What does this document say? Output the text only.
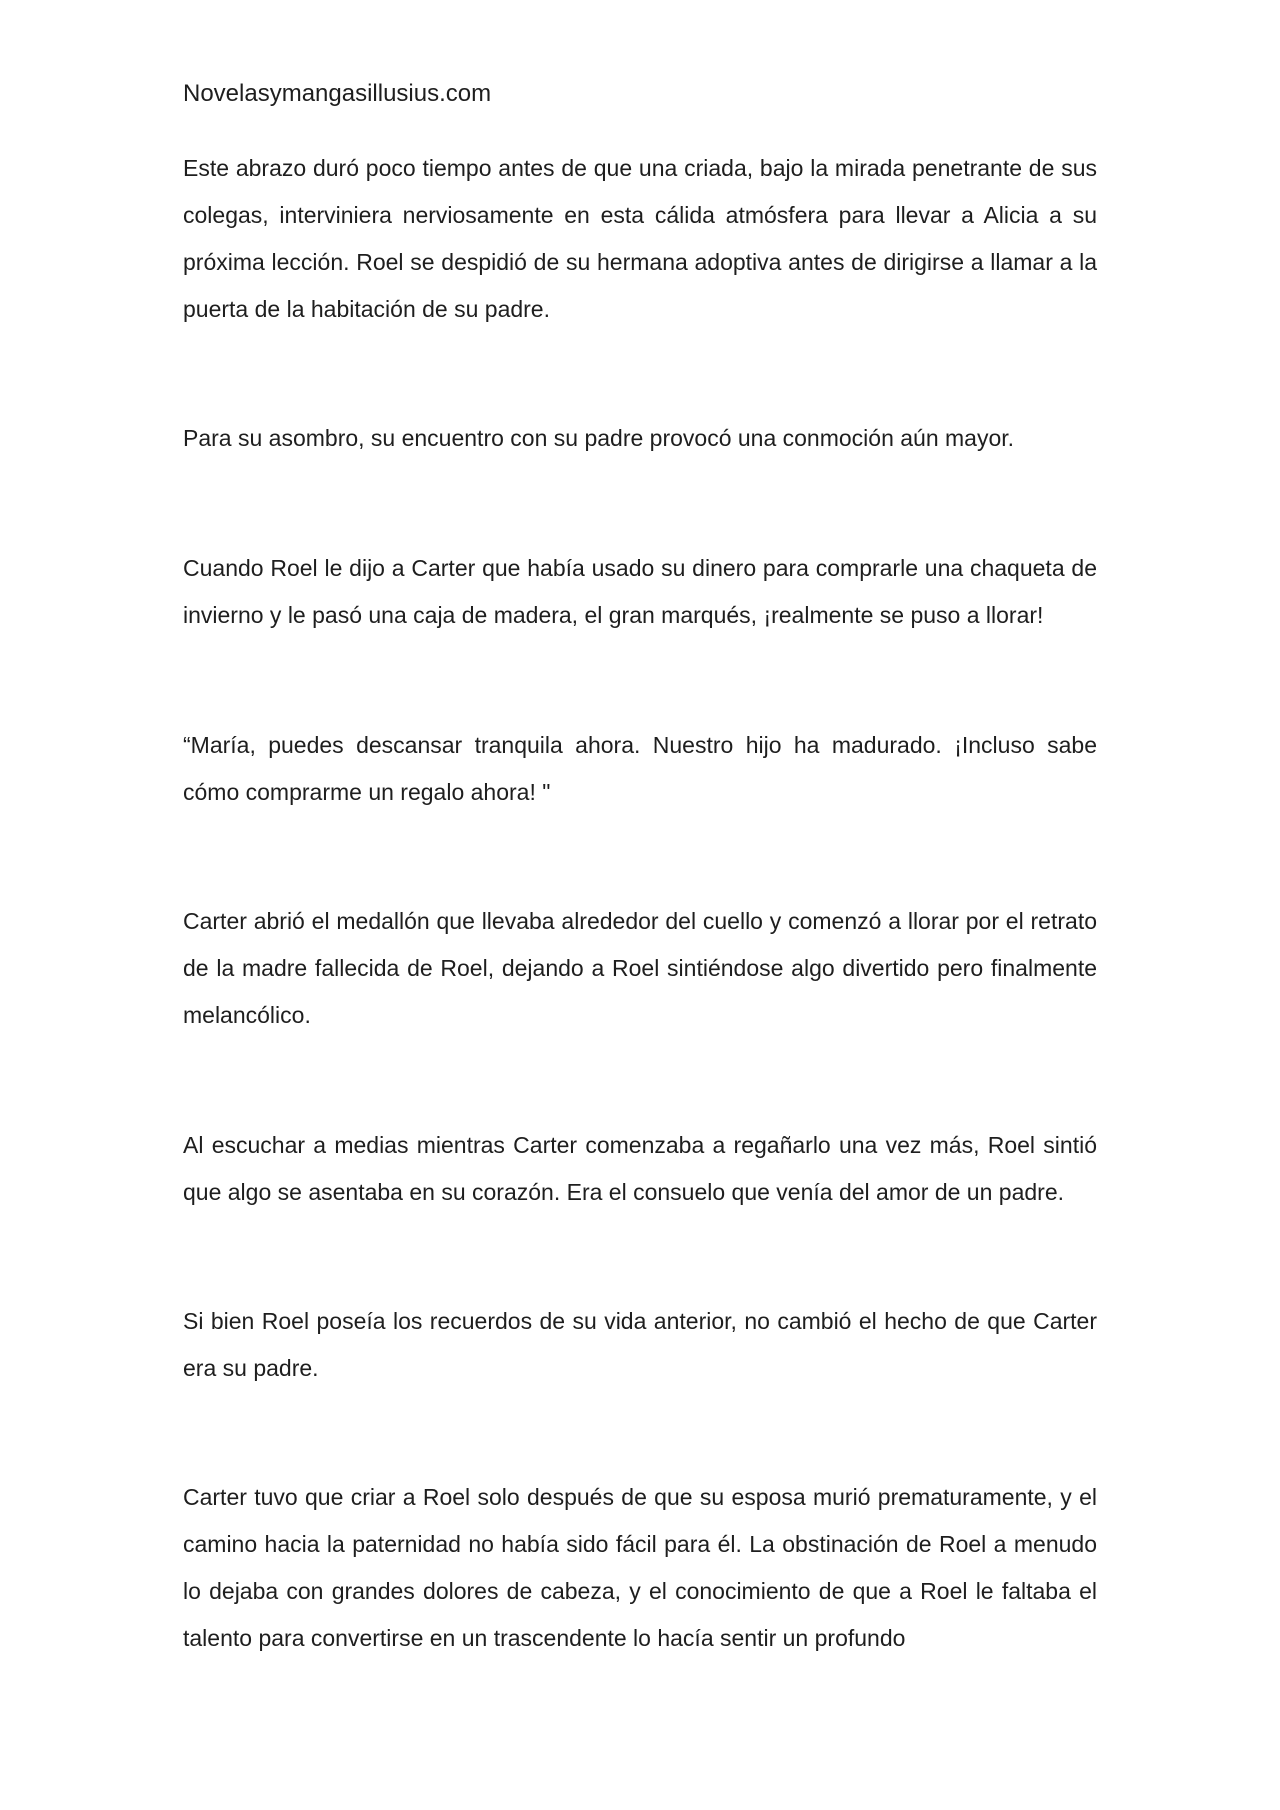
Novelasymangasillusius.com

Este abrazo duró poco tiempo antes de que una criada, bajo la mirada penetrante de sus colegas, interviniera nerviosamente en esta cálida atmósfera para llevar a Alicia a su próxima lección. Roel se despidió de su hermana adoptiva antes de dirigirse a llamar a la puerta de la habitación de su padre.

Para su asombro, su encuentro con su padre provocó una conmoción aún mayor.

Cuando Roel le dijo a Carter que había usado su dinero para comprarle una chaqueta de invierno y le pasó una caja de madera, el gran marqués, ¡realmente se puso a llorar!

“María, puedes descansar tranquila ahora. Nuestro hijo ha madurado. ¡Incluso sabe cómo comprarme un regalo ahora! "

Carter abrió el medallón que llevaba alrededor del cuello y comenzó a llorar por el retrato de la madre fallecida de Roel, dejando a Roel sintiéndose algo divertido pero finalmente melancólico.

Al escuchar a medias mientras Carter comenzaba a regañarlo una vez más, Roel sintió que algo se asentaba en su corazón. Era el consuelo que venía del amor de un padre.

Si bien Roel poseía los recuerdos de su vida anterior, no cambió el hecho de que Carter era su padre.

Carter tuvo que criar a Roel solo después de que su esposa murió prematuramente, y el camino hacia la paternidad no había sido fácil para él. La obstinación de Roel a menudo lo dejaba con grandes dolores de cabeza, y el conocimiento de que a Roel le faltaba el talento para convertirse en un trascendente lo hacía sentir un profundo
